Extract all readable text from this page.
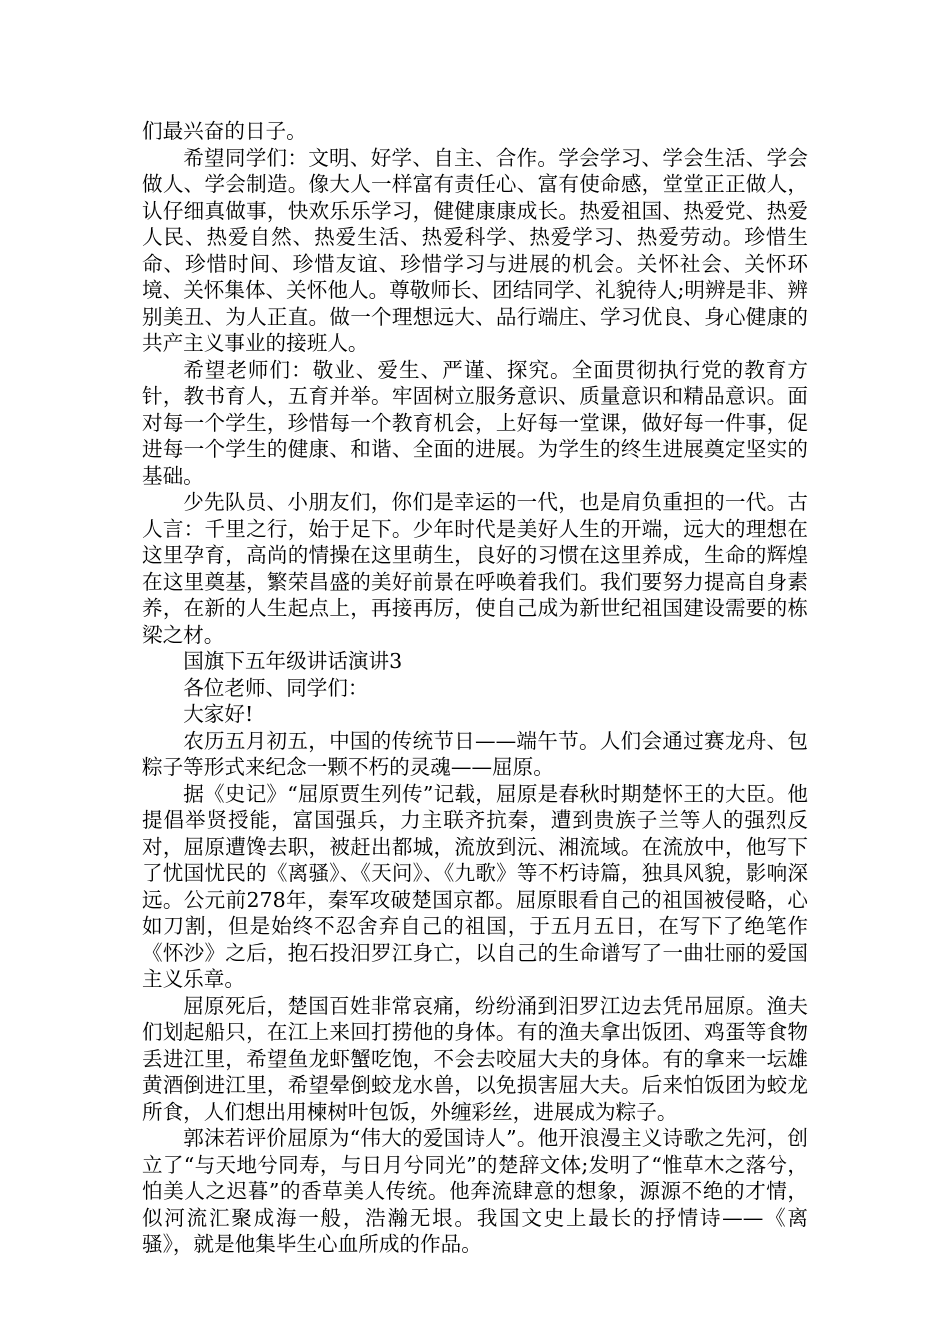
们最兴奋的日子。

希望同学们：文明、好学、自主、合作。学会学习、学会生活、学会做人、学会制造。像大人一样富有责任心、富有使命感，堂堂正正做人，认仔细真做事，快欢乐乐学习，健健康康成长。热爱祖国、热爱党、热爱人民、热爱自然、热爱生活、热爱科学、热爱学习、热爱劳动。珍惜生命、珍惜时间、珍惜友谊、珍惜学习与进展的机会。关怀社会、关怀环境、关怀集体、关怀他人。尊敬师长、团结同学、礼貌待人;明辨是非、辨别美丑、为人正直。做一个理想远大、品行端庄、学习优良、身心健康的共产主义事业的接班人。

希望老师们：敬业、爱生、严谨、探究。全面贯彻执行党的教育方针，教书育人，五育并举。牢固树立服务意识、质量意识和精品意识。面对每一个学生，珍惜每一个教育机会，上好每一堂课，做好每一件事，促进每一个学生的健康、和谐、全面的进展。为学生的终生进展奠定坚实的基础。

少先队员、小朋友们，你们是幸运的一代，也是肩负重担的一代。古人言：千里之行，始于足下。少年时代是美好人生的开端，远大的理想在这里孕育，高尚的情操在这里萌生，良好的习惯在这里养成，生命的辉煌在这里奠基，繁荣昌盛的美好前景在呼唤着我们。我们要努力提高自身素养，在新的人生起点上，再接再厉，使自己成为新世纪祖国建设需要的栋梁之材。

国旗下五年级讲话演讲3

各位老师、同学们：

大家好!

农历五月初五，中国的传统节日——端午节。人们会通过赛龙舟、包粽子等形式来纪念一颗不朽的灵魂——屈原。

据《史记》“屈原贾生列传”记载，屈原是春秋时期楚怀王的大臣。他提倡举贤授能，富国强兵，力主联齐抗秦，遭到贵族子兰等人的强烈反对，屈原遭馋去职，被赶出都城，流放到沅、湘流域。在流放中，他写下了忧国忧民的《离骚》、《天问》、《九歌》等不朽诗篇，独具风貌，影响深远。公元前278年，秦军攻破楚国京都。屈原眼看自己的祖国被侵略，心如刀割，但是始终不忍舍弃自己的祖国，于五月五日，在写下了绝笔作《怀沙》之后，抱石投汨罗江身亡，以自己的生命谱写了一曲壮丽的爱国主义乐章。

屈原死后，楚国百姓非常哀痛，纷纷涌到汨罗江边去凭吊屈原。渔夫们划起船只，在江上来回打捞他的身体。有的渔夫拿出饭团、鸡蛋等食物丢进江里，希望鱼龙虾蟹吃饱，不会去咬屈大夫的身体。有的拿来一坛雄黄酒倒进江里，希望晕倒蛟龙水兽，以免损害屈大夫。后来怕饭团为蛟龙所食，人们想出用楝树叶包饭，外缠彩丝，进展成为粽子。

郭沫若评价屈原为“伟大的爱国诗人”。他开浪漫主义诗歌之先河，创立了“与天地兮同寿，与日月兮同光”的楚辞文体;发明了“惟草木之落兮，怕美人之迟暮”的香草美人传统。他奔流肆意的想象，源源不绝的才情，似河流汇聚成海一般，浩瀚无垠。我国文史上最长的抒情诗——《离骚》，就是他集毕生心血所成的作品。
